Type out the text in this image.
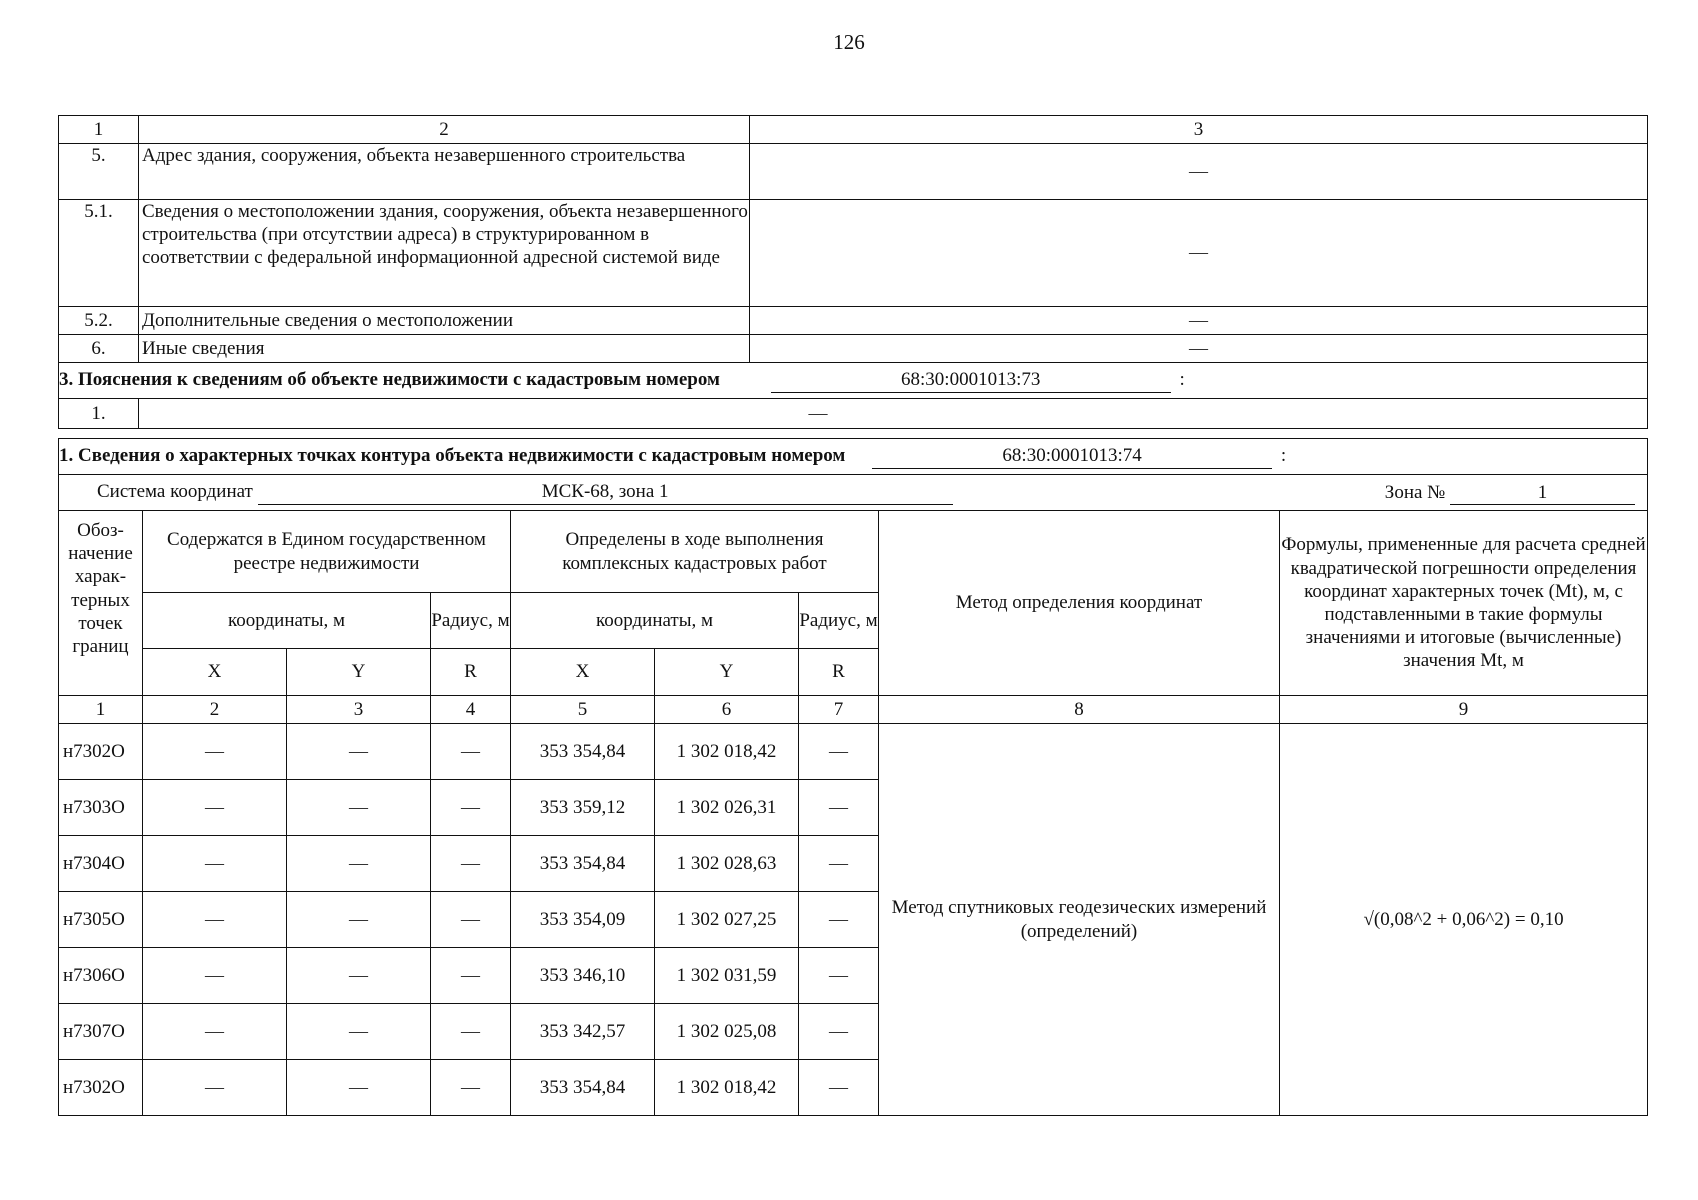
126
1	2	3
5.	Адрес здания, сооружения, объекта незавершенного строительства	—
5.1.	Сведения о местоположении здания, сооружения, объекта незавершенного строительства (при отсутствии адреса) в структурированном в соответствии с федеральной информационной адресной системой виде	—
5.2.	Дополнительные сведения о местоположении	—
6.	Иные сведения	—
3. Пояснения к сведениям об объекте недвижимости с кадастровым номером 68:30:0001013:73 :		
1.	—	
1. Сведения о характерных точках контура объекта недвижимости с кадастровым номером 68:30:0001013:74 :								
Система координат МСК-68, зона 1 Зона № 1								

Обоз-начение харак-терных точек границ	Содержатся в Едином государственном реестре недвижимости			Определены в ходе выполнения комплексных кадастровых работ			Метод определения координат	Формулы, примененные для расчета средней квадратической погрешности определения координат характерных точек (Mt), м, с подставленными в такие формулы значениями и итоговые (вычисленные) значения Mt, м
	координаты, м		Радиус, м	координаты, м		Радиус, м		
	X	Y	R	X	Y	R		
1	2	3	4	5	6	7	8	9
н7302О	—	—	—	353 354,84	1 302 018,42	—	Метод спутниковых геодезических измерений (определений)	√(0,08^2 + 0,06^2) = 0,10
н7303О	—	—	—	353 359,12	1 302 026,31	—		
н7304О	—	—	—	353 354,84	1 302 028,63	—		
н7305О	—	—	—	353 354,09	1 302 027,25	—		
н7306О	—	—	—	353 346,10	1 302 031,59	—		
н7307О	—	—	—	353 342,57	1 302 025,08	—		
н7302О	—	—	—	353 354,84	1 302 018,42	—		
